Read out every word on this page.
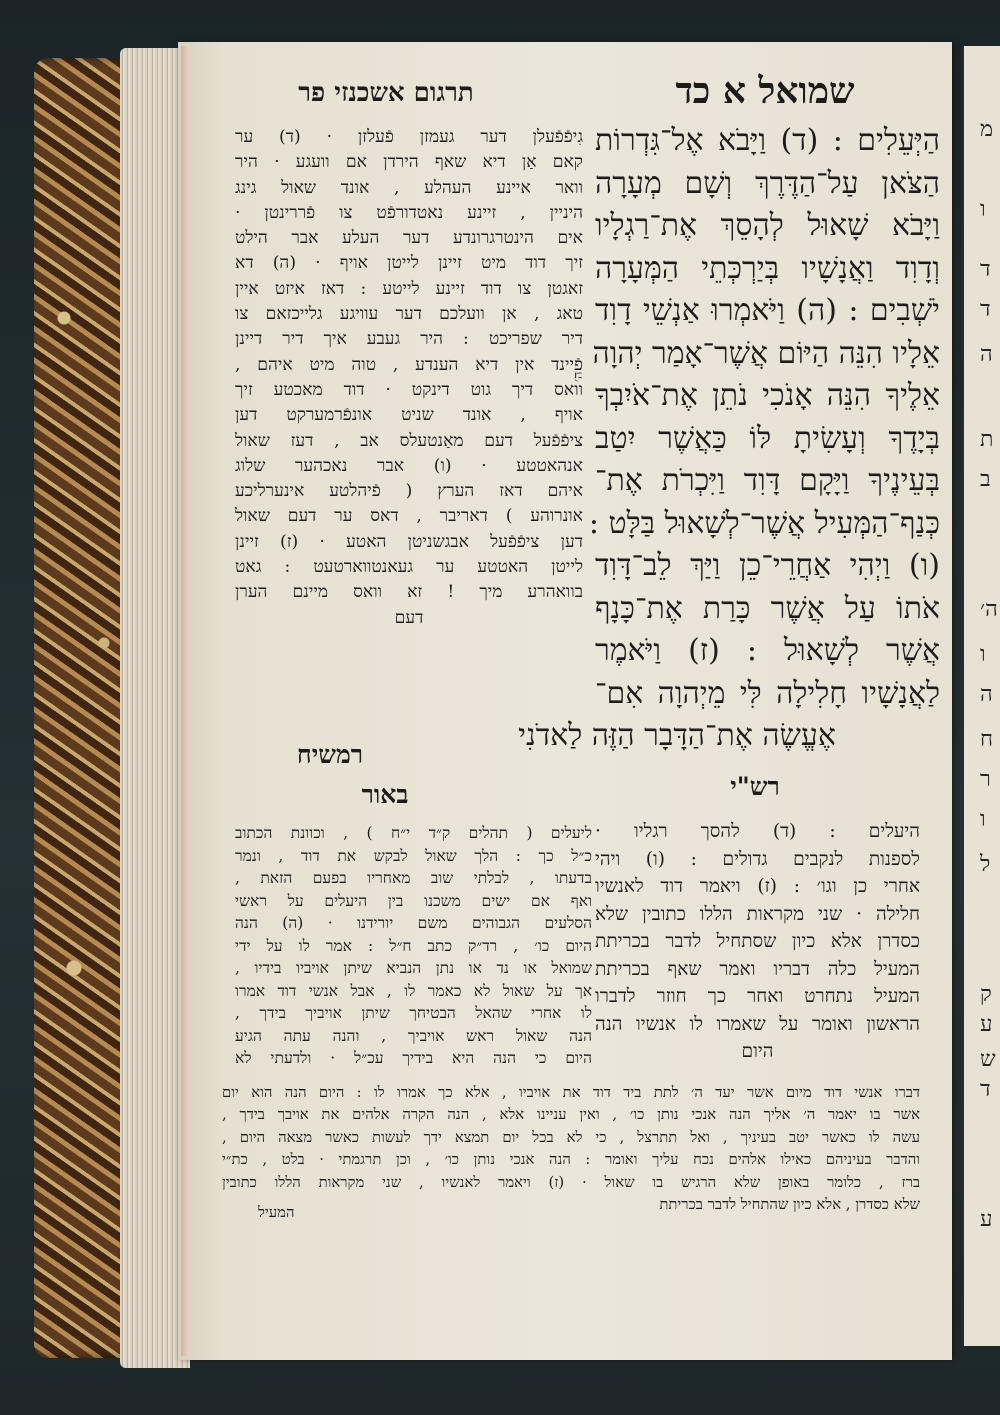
מ
ו
ד
ד
ה
ת
ב
ה׳
ו
ה
ח
ר
ו
ל
ק
ע
ש
ד
ע
שמואל א כד
תרגום אשכנזי פר
הַיְּעֵלִים : (ד) וַיָּבֹא אֶל־גִּדְרוֹת
הַצֹּאן עַל־הַדֶּרֶךְ וְשָׁם מְעָרָה
וַיָּבֹא שָׁאוּל לְהָסֵךְ אֶת־רַגְלָיו
וְדָוִד וַאֲנָשָׁיו בְּיַרְכְּתֵי הַמְּעָרָה
יֹשְׁבִים : (ה) וַיֹּאמְרוּ אַנְשֵׁי דָוִד
אֵלָיו הִנֵּה הַיּוֹם אֲשֶׁר־אָמַר יְהוָה
אֵלֶיךָ הִנֵּה אָנֹכִי נֹתֵן אֶת־אֹיִבְךָ
בְּיָדֶךָ וְעָשִׂיתָ לּוֹ כַּאֲשֶׁר יִטַב
בְּעֵינֶיךָ וַיָּקָם דָּוִד וַיִּכְרֹת אֶת־
כְּנַף־הַמְּעִיל אֲשֶׁר־לְשָׁאוּל בַּלָּט :
(ו) וַיְהִי אַחֲרֵי־כֵן וַיַּךְ לֵב־דָּוִד
אֹתוֹ עַל אֲשֶׁר כָּרַת אֶת־כָּנָף
אֲשֶׁר לְשָׁאוּל : (ז) וַיֹּאמֶר
לַאֲנָשָׁיו חָלִילָה לִּי מֵיְהוָה אִם־
אֶעֱשֶׂה אֶת־הַדָּבָר הַזֶּה לַאדֹנִי
גִיפֿפֿעלן דער געמזן פֿעלזן · (ד) ער
קאם אַן דיא שאף הירדן אם וועגע · היר
וואר איינע העהלע , אונד שאול גינג
היניין , זיינע נאטדורפֿט צו פֿררינטן ·
אים הינטרגרונדע דער העלע אבר הילט
זיך דוד מיט זיינן לייטן אויף · (ה) דא
זאגטן צו דוד זיינע לייטע : דאז איזט איין
טאג , אן וועלכם דער עוויגע גלייכזאם צו
דיר שפריכט : היר געבע איך דיר דיינן
פֿיינד אין דיא הענדע , טוה מיט איהם ,
וואס דיך גוט דינקט · דוד מאכטע זיך
אויף , אונד שניט אונפֿרמערקט דען
ציפֿפֿעל דעם מאַנטעלס אב , דעז שאול
אנהאטטע · (ו) אבר נאכהער שלוג
איהם דאז הערץ ( פֿיהלטע אינערליכע
אונרוהע ) דאריבר , דאס ער דעם שאול
דען ציפֿפֿעל אבגשניטן האטע · (ז) זיינן
לייטן האטטע ער געאנטווארטעט : גאט
בוואהרע מיך ! זא וואס מיינם הערן
דעם
ה׳
רמשיח
באור	רש"י
ליעלים ( תהלים ק״ד י״ח ) , וכוונת הכתוב
כ״ל כך : הלך שאול לבקש את דוד , ונמר
בדעתו , לבלתי שוב מאחריו בפעם הזאת ,
ואף אם ישים משכנו בין היעלים על ראשי
הסלעים הגבוהים משם יורידנו · (ה) הנה
היום כו׳ , רד״ק כתב ח״ל : אמר לו על ידי
שמואל או נד או נתן הנביא שיתן אויביו בידיו ,
אך על שאול לא כאמר לו , אבל אנשי דוד אמרו
לו אחרי שהאל הבטיחך שיתן אויביך בידך ,
הנה שאול ראש אויביך , והנה עתה הגיע
היום כי הנה היא בידיך עכ״ל · ולדעתי לא
היעלים : (ד) להסך רגליו ·
לספנות לנקבים גדולים : (ו) ויהי
אחרי כן וגו׳ : (ז) ויאמר דוד לאנשיו
חלילה · שני מקראות הללו כתובין שלא
כסדרן אלא כיון שסתחיל לדבר בכריתת
המעיל כלה דבריו ואמר שאף בכריתת
המעיל נתחרט ואחר כך חוזר לדברו
הראשון ואומר על שאמרו לו אנשיו הנה
היום
דברו אנשי דוד מיום אשר יעד ה׳ לתת ביד דוד את אויביו , אלא כך אמרו לו : היום הנה הוא יום
אשר בו יאמר ה׳ אליך הנה אנכי נותן כו׳ , ואין עניינו אלא , הנה הקרה אלהים את אויבך בידך ,
עשה לו כאשר יטב בעיניך , ואל תתרצל , כי לא בכל יום תמצא ידך לעשות כאשר מצאה היום ,
והדבר בעיניהם כאילו אלהים נכח עליך ואומר : הנה אנכי נותן כו׳ , וכן תרגמתי · בלט , כת״י
ברז , כלומר באופן שלא הרגיש בו שאול · (ז) ויאמר לאנשיו , שני מקראות הללו כתובין
שלא כסדרן , אלא כיון שהתחיל לדבר בכריתת
המעיל
